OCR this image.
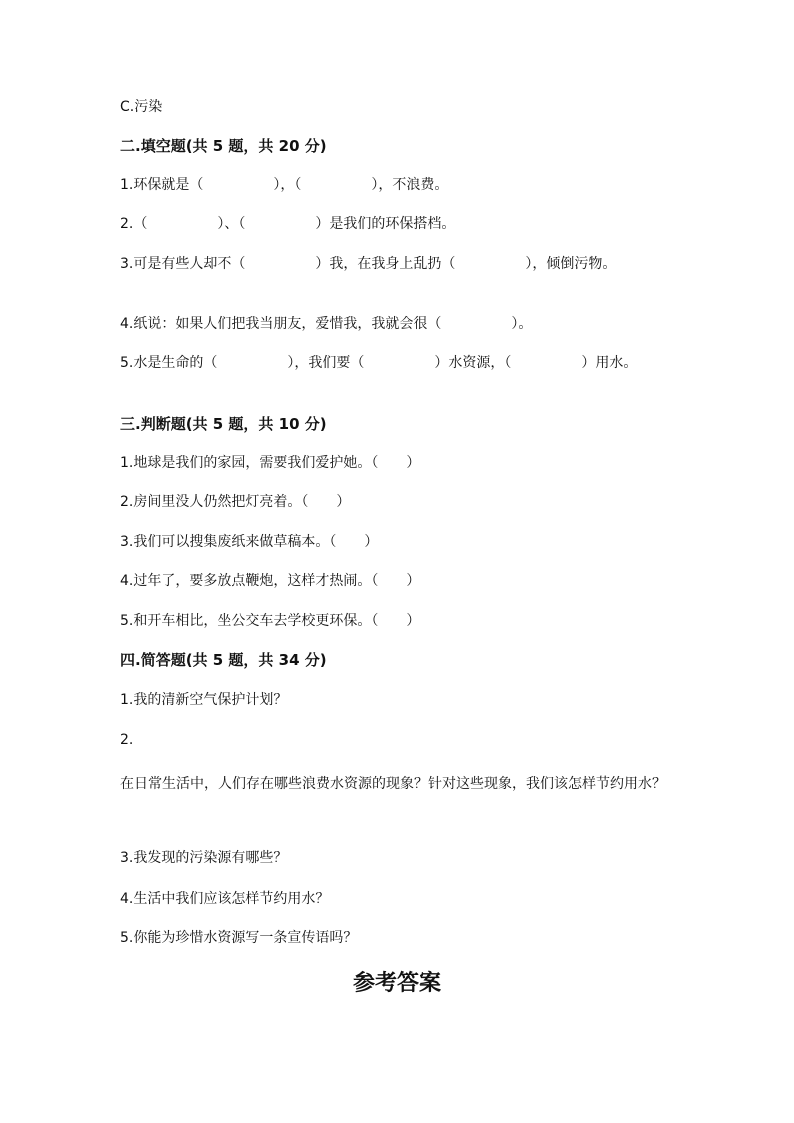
C.污染
二.填空题(共 5 题，共 20 分)
1.环保就是（　　　　　），（　　　　　），不浪费。
2.（　　　　　）、（　　　　　）是我们的环保搭档。
3.可是有些人却不（　　　　　）我，在我身上乱扔（　　　　　），倾倒污物。
4.纸说：如果人们把我当朋友，爱惜我，我就会很（　　　　　）。
5.水是生命的（　　　　　），我们要（　　　　　）水资源，（　　　　　）用水。
三.判断题(共 5 题，共 10 分)
1.地球是我们的家园，需要我们爱护她。（　　）
2.房间里没人仍然把灯亮着。（　　）
3.我们可以搜集废纸来做草稿本。（　　）
4.过年了，要多放点鞭炮，这样才热闹。（　　）
5.和开车相比，坐公交车去学校更环保。（　　）
四.简答题(共 5 题，共 34 分)
1.我的清新空气保护计划？
2.
在日常生活中，人们存在哪些浪费水资源的现象？针对这些现象，我们该怎样节约用水？
3.我发现的污染源有哪些？
4.生活中我们应该怎样节约用水？
5.你能为珍惜水资源写一条宣传语吗？
参考答案
